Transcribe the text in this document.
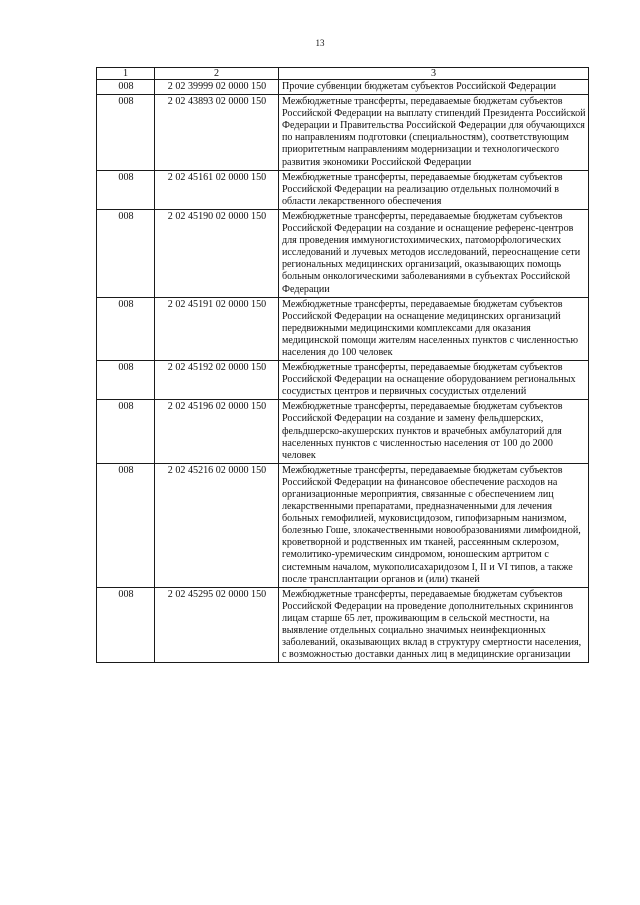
13
1	2	3
008	2 02 39999 02 0000 150	Прочие субвенции бюджетам субъектов Российской Федерации
008	2 02 43893 02 0000 150	Межбюджетные трансферты, передаваемые бюджетам субъектов Российской Федерации на выплату стипендий Президента Российской Федерации и Правительства Российской Федерации для обучающихся по направлениям подготовки (специальностям), соответствующим приоритетным направлениям модернизации и технологического развития экономики Российской Федерации
008	2 02 45161 02 0000 150	Межбюджетные трансферты, передаваемые бюджетам субъектов Российской Федерации на реализацию отдельных полномочий в области лекарственного обеспечения
008	2 02 45190 02 0000 150	Межбюджетные трансферты, передаваемые бюджетам субъектов Российской Федерации на создание и оснащение референс-центров для проведения иммуногистохимических, патоморфологических исследований и лучевых методов исследований, переоснащение сети региональных медицинских организаций, оказывающих помощь больным онкологическими заболеваниями в субъектах Российской Федерации
008	2 02 45191 02 0000 150	Межбюджетные трансферты, передаваемые бюджетам субъектов Российской Федерации на оснащение медицинских организаций передвижными медицинскими комплексами для оказания медицинской помощи жителям населенных пунктов с численностью населения до 100 человек
008	2 02 45192 02 0000 150	Межбюджетные трансферты, передаваемые бюджетам субъектов Российской Федерации на оснащение оборудованием региональных сосудистых центров и первичных сосудистых отделений
008	2 02 45196 02 0000 150	Межбюджетные трансферты, передаваемые бюджетам субъектов Российской Федерации на создание и замену фельдшерских, фельдшерско-акушерских пунктов и врачебных амбулаторий для населенных пунктов с численностью населения от 100 до 2000 человек
008	2 02 45216 02 0000 150	Межбюджетные трансферты, передаваемые бюджетам субъектов Российской Федерации на финансовое обеспечение расходов на организационные мероприятия, связанные с обеспечением лиц лекарственными препаратами, предназначенными для лечения больных гемофилией, муковисцидозом, гипофизарным нанизмом, болезнью Гоше, злокачественными новообразованиями лимфоидной, кроветворной и родственных им тканей, рассеянным склерозом, гемолитико-уремическим синдромом, юношеским артритом с системным началом, мукополисахаридозом I, II и VI типов, а также после трансплантации органов и (или) тканей
008	2 02 45295 02 0000 150	Межбюджетные трансферты, передаваемые бюджетам субъектов Российской Федерации на проведение дополнительных скринингов лицам старше 65 лет, проживающим в сельской местности, на выявление отдельных социально значимых неинфекционных заболеваний, оказывающих вклад в структуру смертности населения, с возможностью доставки данных лиц в медицинские организации
